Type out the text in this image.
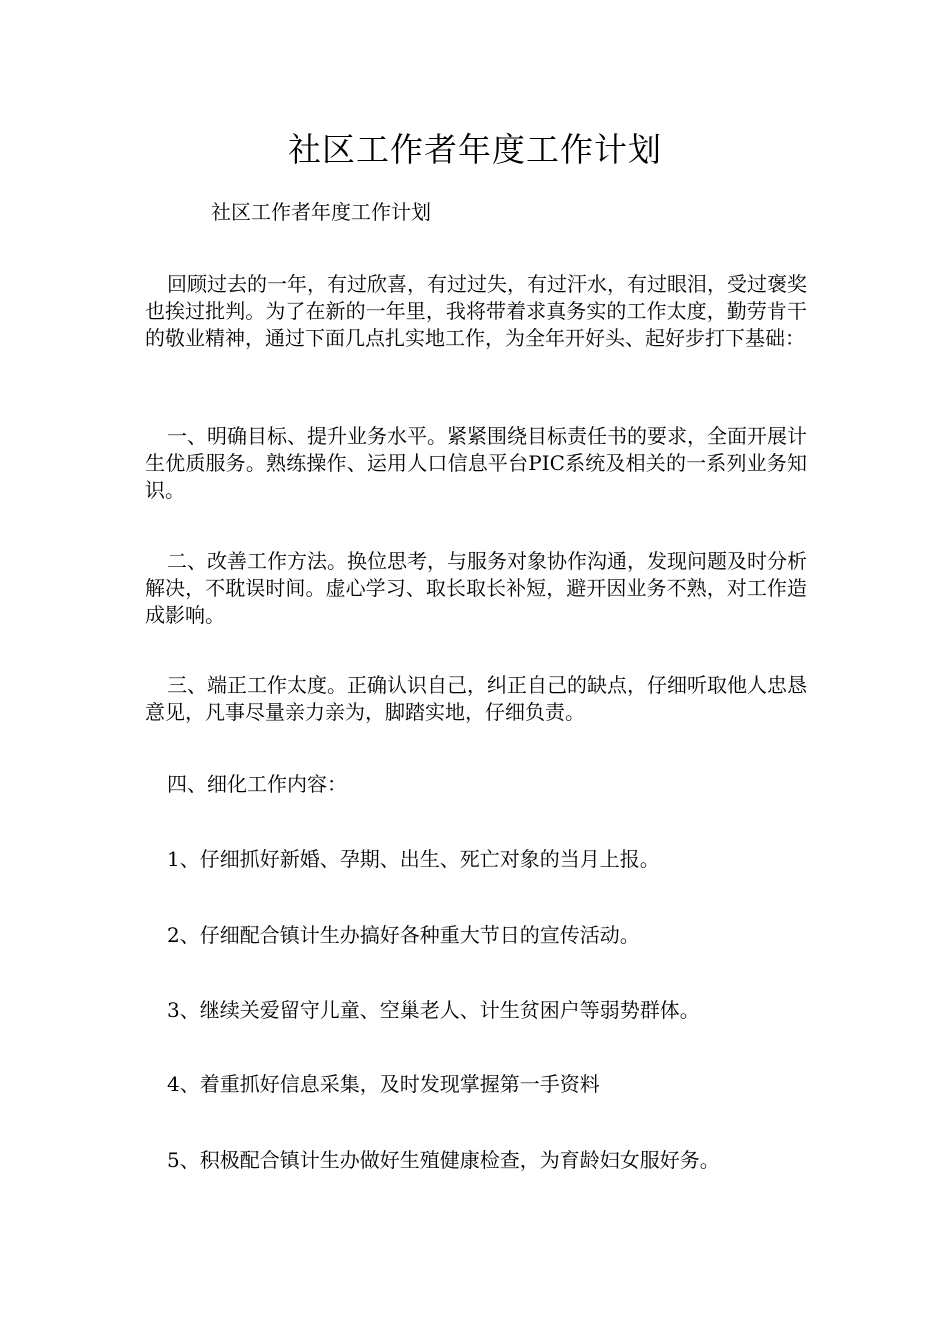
社区工作者年度工作计划
社区工作者年度工作计划

回顾过去的一年，有过欣喜，有过过失，有过汗水，有过眼泪，受过褒奖也挨过批判。为了在新的一年里，我将带着求真务实的工作太度，勤劳肯干的敬业精神，通过下面几点扎实地工作，为全年开好头、起好步打下基础：

一、明确目标、提升业务水平。紧紧围绕目标责任书的要求，全面开展计生优质服务。熟练操作、运用人口信息平台PIC系统及相关的一系列业务知识。

二、改善工作方法。换位思考，与服务对象协作沟通，发现问题及时分析解决，不耽误时间。虚心学习、取长取长补短，避开因业务不熟，对工作造成影响。

三、端正工作太度。正确认识自己，纠正自己的缺点，仔细听取他人忠恳意见，凡事尽量亲力亲为，脚踏实地，仔细负责。

四、细化工作内容：
1、仔细抓好新婚、孕期、出生、死亡对象的当月上报。
2、仔细配合镇计生办搞好各种重大节日的宣传活动。
3、继续关爱留守儿童、空巢老人、计生贫困户等弱势群体。
4、着重抓好信息采集，及时发现掌握第一手资料
5、积极配合镇计生办做好生殖健康检查，为育龄妇女服好务。
